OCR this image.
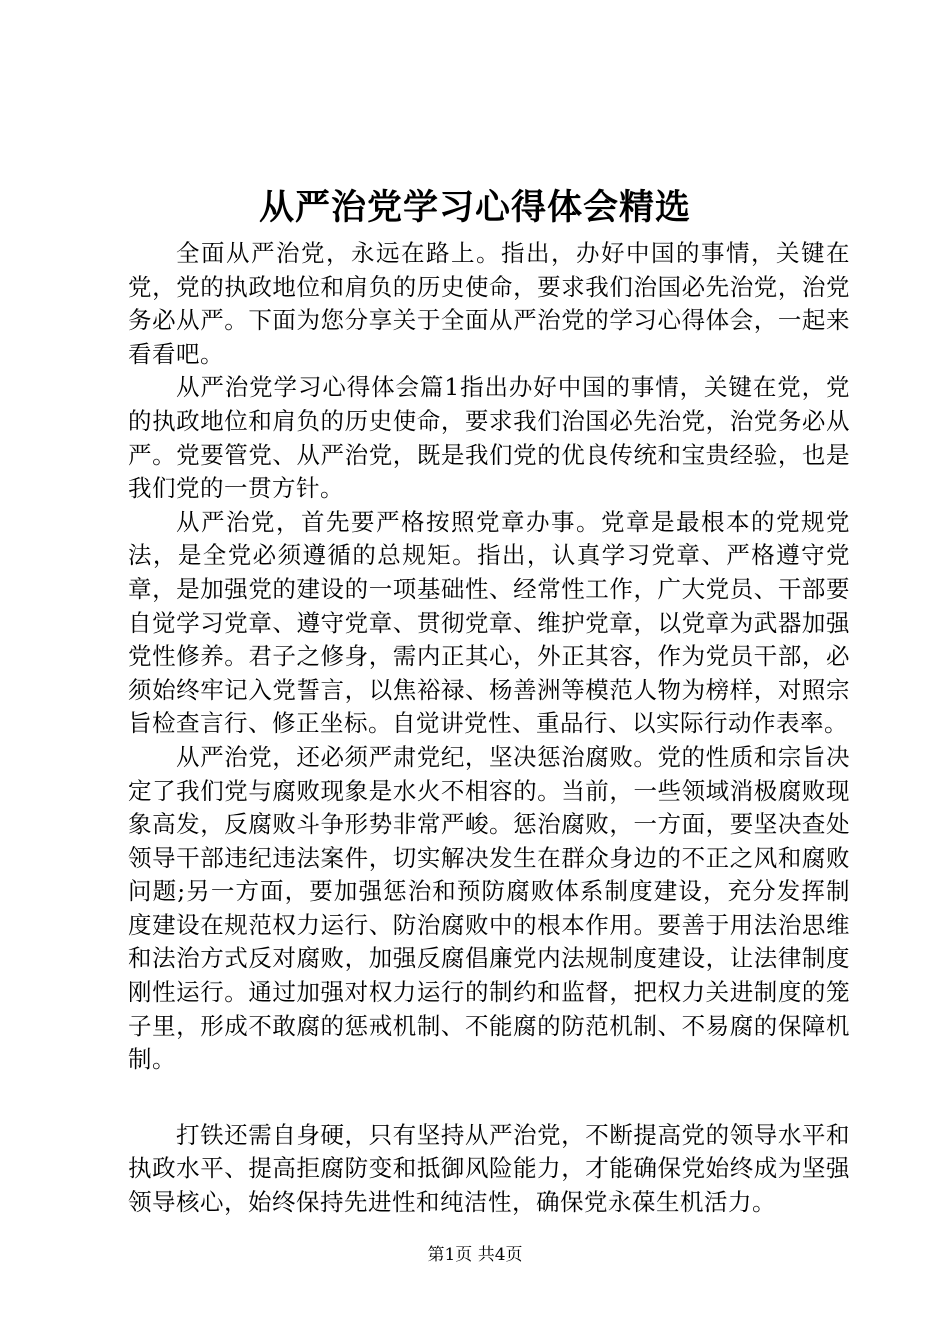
从严治党学习心得体会精选

全面从严治党，永远在路上。指出，办好中国的事情，关键在党，党的执政地位和肩负的历史使命，要求我们治国必先治党，治党务必从严。下面为您分享关于全面从严治党的学习心得体会，一起来看看吧。

从严治党学习心得体会篇1指出办好中国的事情，关键在党，党的执政地位和肩负的历史使命，要求我们治国必先治党，治党务必从严。党要管党、从严治党，既是我们党的优良传统和宝贵经验，也是我们党的一贯方针。

从严治党，首先要严格按照党章办事。党章是最根本的党规党法，是全党必须遵循的总规矩。指出，认真学习党章、严格遵守党章，是加强党的建设的一项基础性、经常性工作，广大党员、干部要自觉学习党章、遵守党章、贯彻党章、维护党章，以党章为武器加强党性修养。君子之修身，需内正其心，外正其容，作为党员干部，必须始终牢记入党誓言，以焦裕禄、杨善洲等模范人物为榜样，对照宗旨检查言行、修正坐标。自觉讲党性、重品行、以实际行动作表率。

从严治党，还必须严肃党纪，坚决惩治腐败。党的性质和宗旨决定了我们党与腐败现象是水火不相容的。当前，一些领域消极腐败现象高发，反腐败斗争形势非常严峻。惩治腐败，一方面，要坚决查处领导干部违纪违法案件，切实解决发生在群众身边的不正之风和腐败问题;另一方面，要加强惩治和预防腐败体系制度建设，充分发挥制度建设在规范权力运行、防治腐败中的根本作用。要善于用法治思维和法治方式反对腐败，加强反腐倡廉党内法规制度建设，让法律制度刚性运行。通过加强对权力运行的制约和监督，把权力关进制度的笼子里，形成不敢腐的惩戒机制、不能腐的防范机制、不易腐的保障机制。

打铁还需自身硬，只有坚持从严治党，不断提高党的领导水平和执政水平、提高拒腐防变和抵御风险能力，才能确保党始终成为坚强领导核心，始终保持先进性和纯洁性，确保党永葆生机活力。

第1页 共4页
